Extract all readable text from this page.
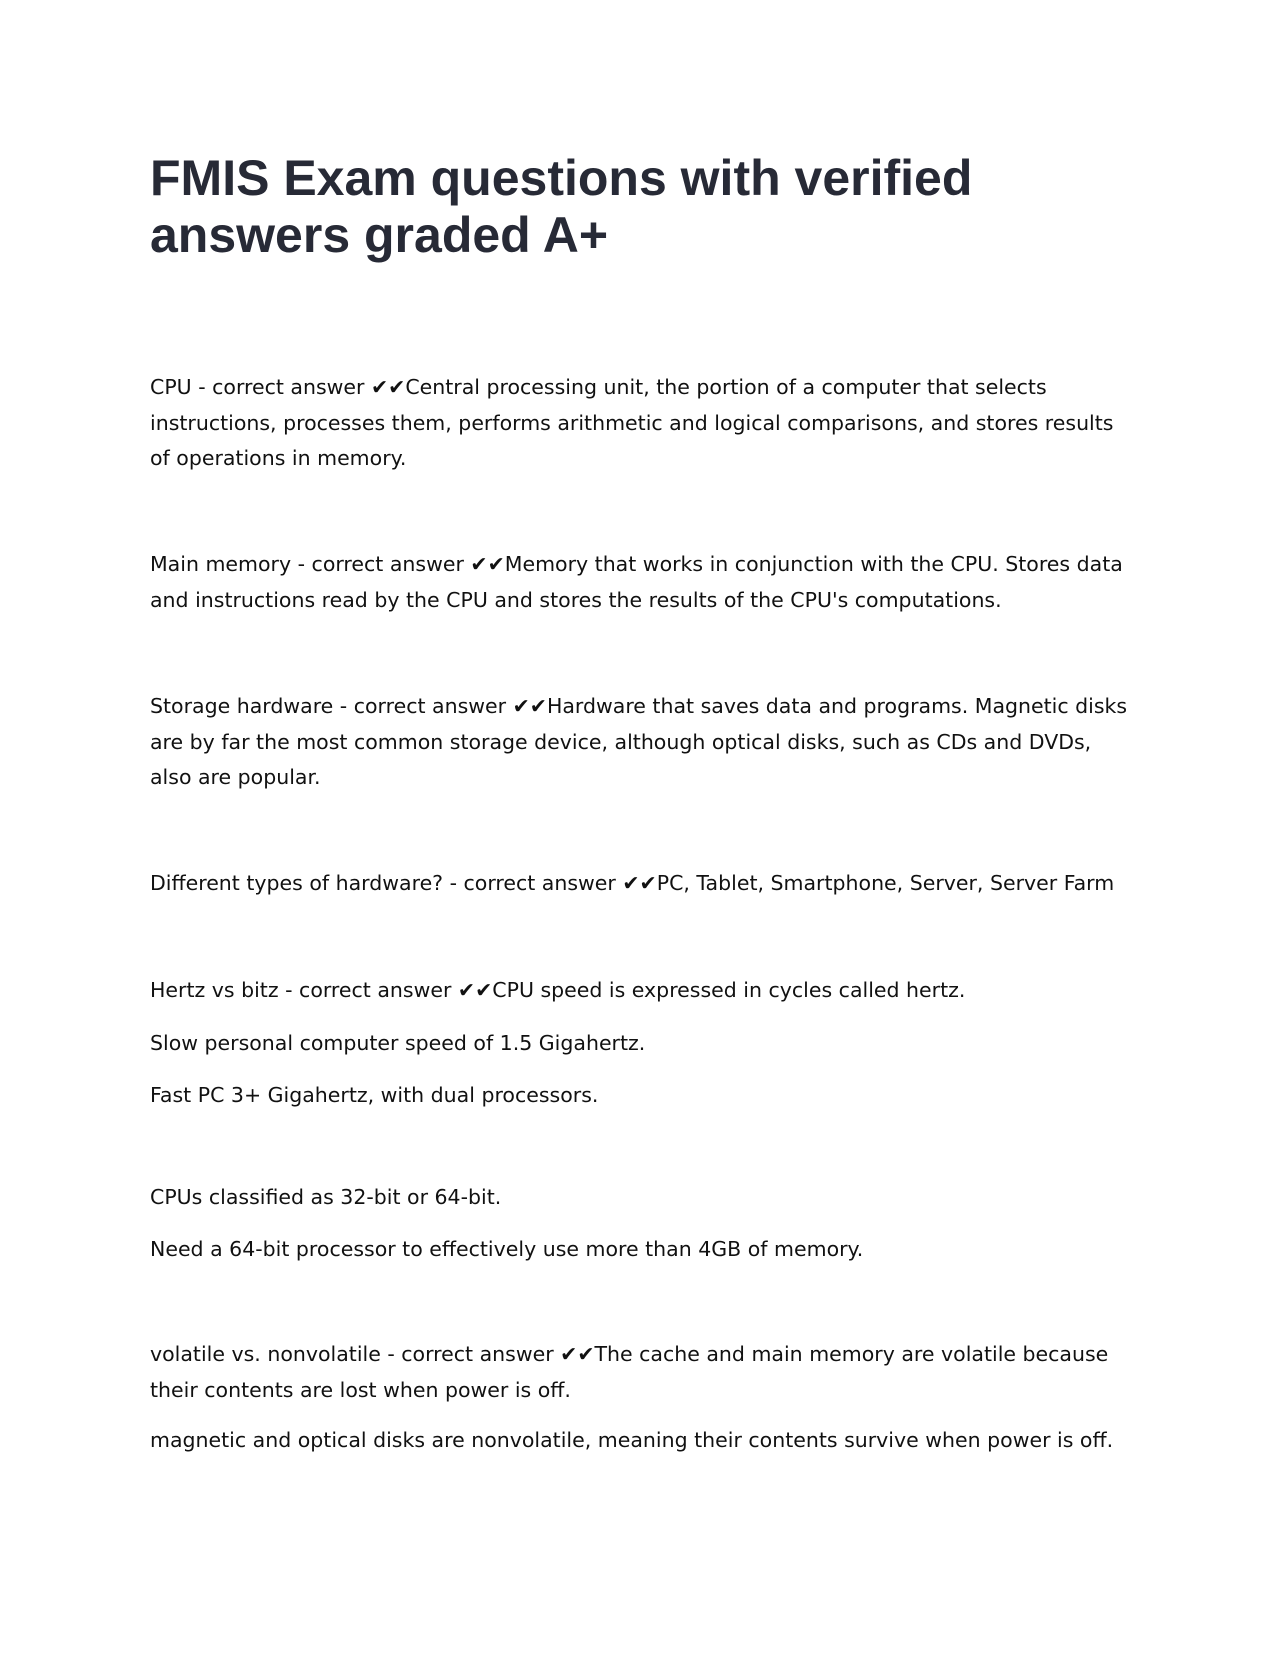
FMIS Exam questions with verified answers graded A+

CPU - correct answer ✔✔Central processing unit, the portion of a computer that selects instructions, processes them, performs arithmetic and logical comparisons, and stores results of operations in memory.

Main memory - correct answer ✔✔Memory that works in conjunction with the CPU. Stores data and instructions read by the CPU and stores the results of the CPU's computations.

Storage hardware - correct answer ✔✔Hardware that saves data and programs. Magnetic disks are by far the most common storage device, although optical disks, such as CDs and DVDs, also are popular.

Different types of hardware? - correct answer ✔✔PC, Tablet, Smartphone, Server, Server Farm

Hertz vs bitz - correct answer ✔✔CPU speed is expressed in cycles called hertz.

Slow personal computer speed of 1.5 Gigahertz.

Fast PC 3+ Gigahertz, with dual processors.

CPUs classified as 32-bit or 64-bit.

Need a 64-bit processor to effectively use more than 4GB of memory.

volatile vs. nonvolatile - correct answer ✔✔The cache and main memory are volatile because their contents are lost when power is off.

magnetic and optical disks are nonvolatile, meaning their contents survive when power is off.
